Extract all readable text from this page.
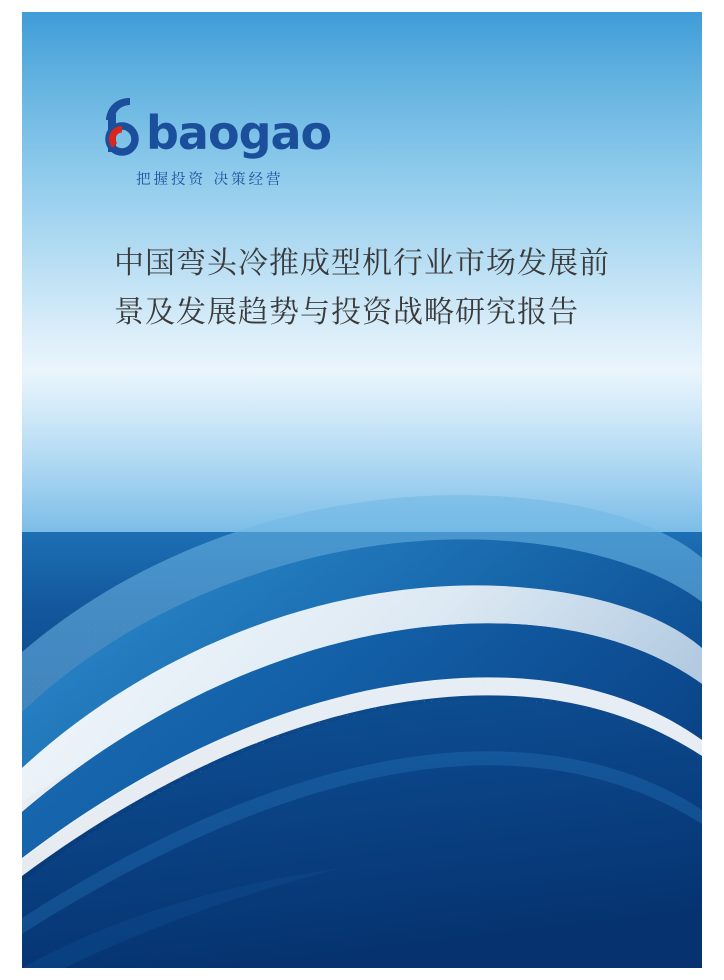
baogao
把握投资 决策经营
中国弯头冷推成型机行业市场发展前景及发展趋势与投资战略研究报告
